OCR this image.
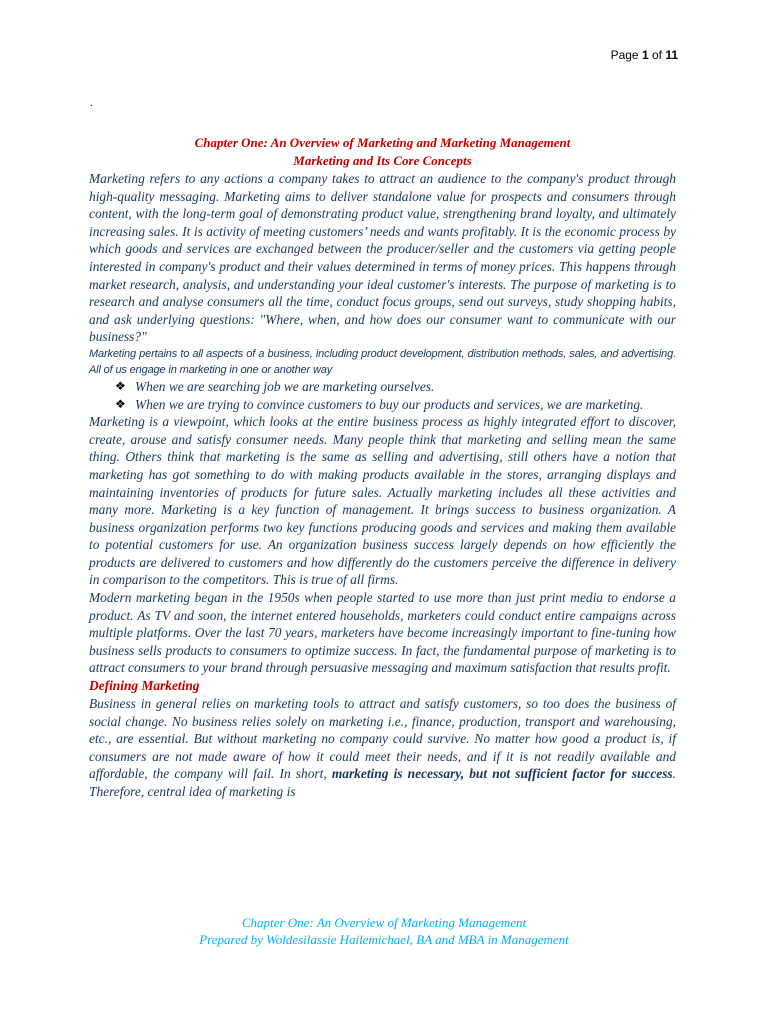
Page 1 of 11
.
Chapter One: An Overview of Marketing and Marketing Management
Marketing and Its Core Concepts

Marketing refers to any actions a company takes to attract an audience to the company's product through high-quality messaging. Marketing aims to deliver standalone value for prospects and consumers through content, with the long-term goal of demonstrating product value, strengthening brand loyalty, and ultimately increasing sales. It is activity of meeting customers’ needs and wants profitably. It is the economic process by which goods and services are exchanged between the producer/seller and the customers via getting people interested in company's product and their values determined in terms of money prices. This happens through market research, analysis, and understanding your ideal customer's interests. The purpose of marketing is to research and analyse consumers all the time, conduct focus groups, send out surveys, study shopping habits, and ask underlying questions: "Where, when, and how does our consumer want to communicate with our business?"

Marketing pertains to all aspects of a business, including product development, distribution methods, sales, and advertising. All of us engage in marketing in one or another way

❖ When we are searching job we are marketing ourselves.
❖ When we are trying to convince customers to buy our products and services, we are marketing.

Marketing is a viewpoint, which looks at the entire business process as highly integrated effort to discover, create, arouse and satisfy consumer needs. Many people think that marketing and selling mean the same thing. Others think that marketing is the same as selling and advertising, still others have a notion that marketing has got something to do with making products available in the stores, arranging displays and maintaining inventories of products for future sales. Actually marketing includes all these activities and many more. Marketing is a key function of management. It brings success to business organization. A business organization performs two key functions producing goods and services and making them available to potential customers for use. An organization business success largely depends on how efficiently the products are delivered to customers and how differently do the customers perceive the difference in delivery in comparison to the competitors. This is true of all firms.

Modern marketing began in the 1950s when people started to use more than just print media to endorse a product. As TV and soon, the internet entered households, marketers could conduct entire campaigns across multiple platforms. Over the last 70 years, marketers have become increasingly important to fine-tuning how business sells products to consumers to optimize success. In fact, the fundamental purpose of marketing is to attract consumers to your brand through persuasive messaging and maximum satisfaction that results profit.

Defining Marketing

Business in general relies on marketing tools to attract and satisfy customers, so too does the business of social change. No business relies solely on marketing i.e., finance, production, transport and warehousing, etc., are essential. But without marketing no company could survive. No matter how good a product is, if consumers are not made aware of how it could meet their needs, and if it is not readily available and affordable, the company will fail. In short, marketing is necessary, but not sufficient factor for success. Therefore, central idea of marketing is

Chapter One: An Overview of Marketing Management
Prepared by Woldesilassie Hailemichael, BA and MBA in Management
